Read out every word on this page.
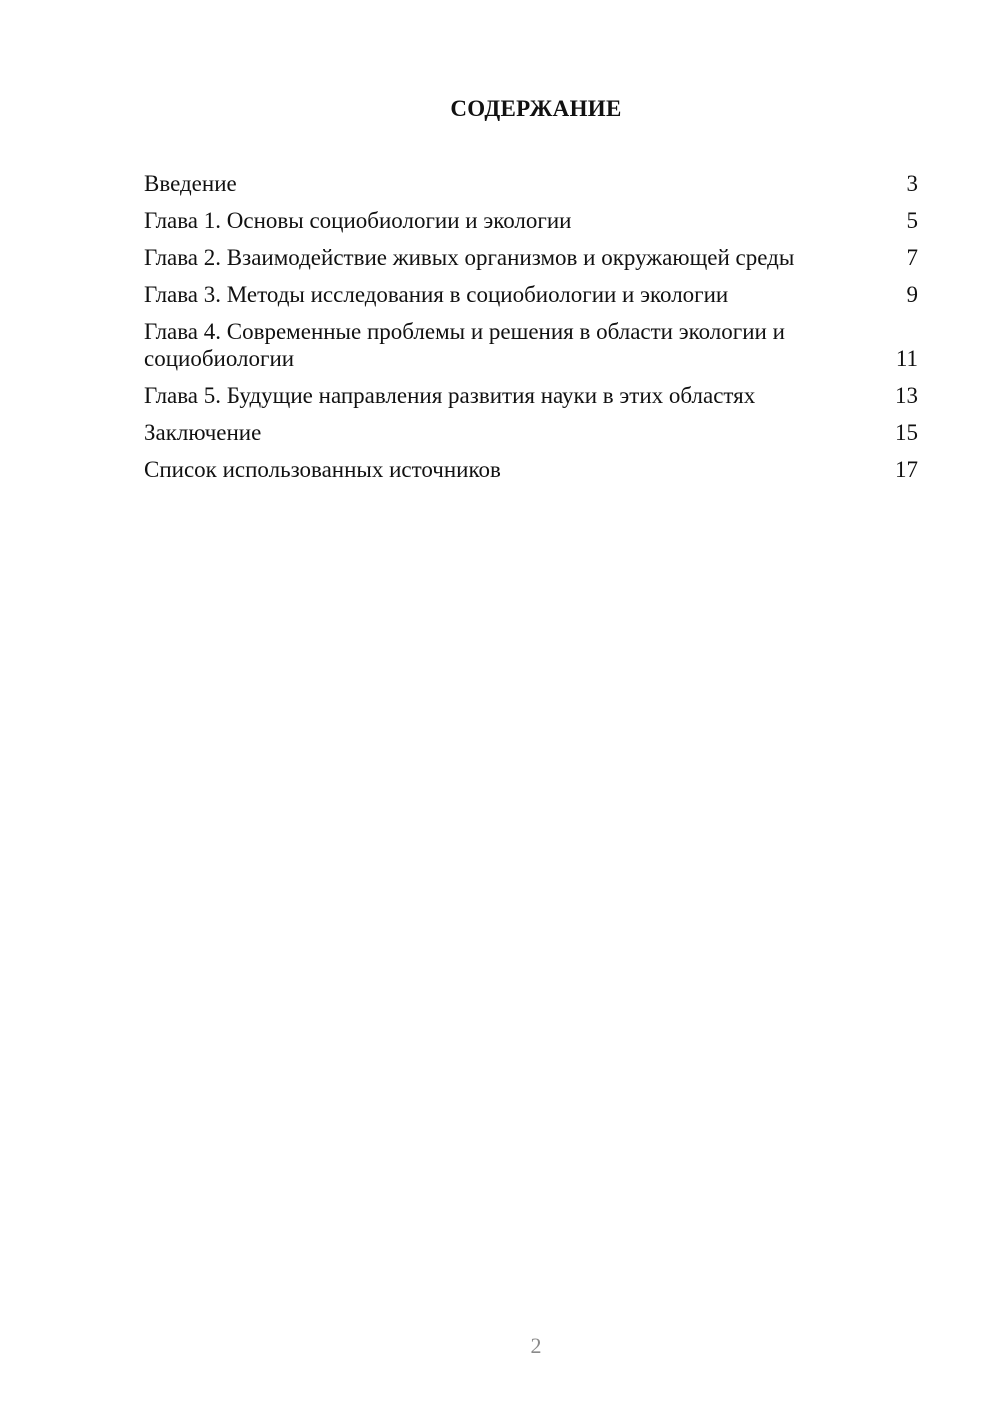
СОДЕРЖАНИЕ
Введение	3
Глава 1. Основы социобиологии и экологии	5
Глава 2. Взаимодействие живых организмов и окружающей среды	7
Глава 3. Методы исследования в социобиологии и экологии	9
Глава 4. Современные проблемы и решения в области экологии и социобиологии	11
Глава 5. Будущие направления развития науки в этих областях	13
Заключение	15
Список использованных источников	17
2
